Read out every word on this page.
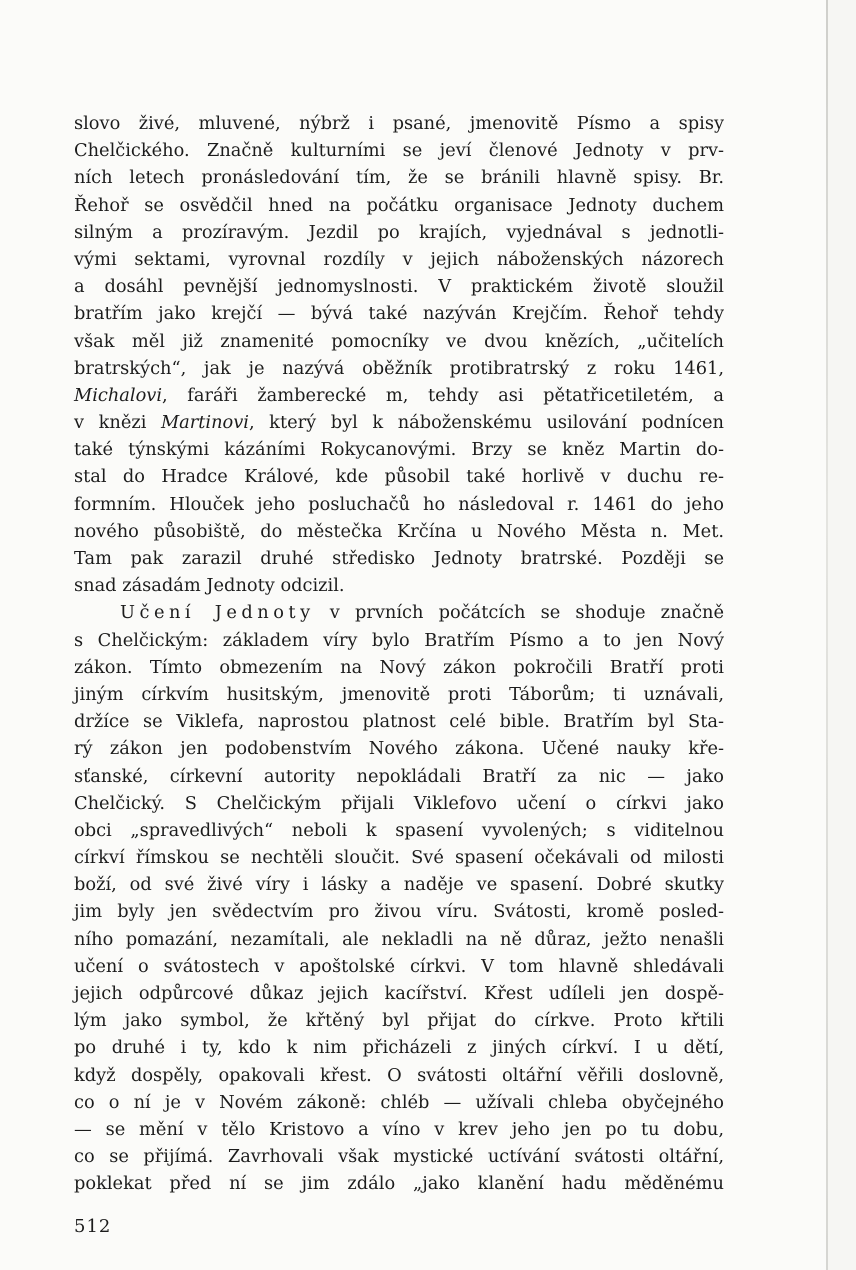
slovo živé, mluvené, nýbrž i psané, jmenovitě Písmo a spisy
Chelčického. Značně kulturními se jeví členové Jednoty v prv-
ních letech pronásledování tím, že se bránili hlavně spisy. Br.
Řehoř se osvědčil hned na počátku organisace Jednoty duchem
silným a prozíravým. Jezdil po krajích, vyjednával s jednotli-
vými sektami, vyrovnal rozdíly v jejich náboženských názorech
a dosáhl pevnější jednomyslnosti. V praktickém životě sloužil
bratřím jako krejčí — bývá také nazýván Krejčím. Řehoř tehdy
však měl již znamenité pomocníky ve dvou knězích, „učitelích
bratrských“, jak je nazývá oběžník protibratrský z roku 1461,
Michalovi, faráři žamberecké m, tehdy asi pětatřicetiletém, a
v knězi Martinovi, který byl k náboženskému usilování podnícen
také týnskými kázáními Rokycanovými. Brzy se kněz Martin do-
stal do Hradce Králové, kde působil také horlivě v duchu re-
formním. Hlouček jeho posluchačů ho následoval r. 1461 do jeho
nového působiště, do městečka Krčína u Nového Města n. Met.
Tam pak zarazil druhé středisko Jednoty bratrské. Později se
snad zásadám Jednoty odcizil.
Učení Jednoty v prvních počátcích se shoduje značně
s Chelčickým: základem víry bylo Bratřím Písmo a to jen Nový
zákon. Tímto obmezením na Nový zákon pokročili Bratří proti
jiným církvím husitským, jmenovitě proti Táborům; ti uznávali,
držíce se Viklefa, naprostou platnost celé bible. Bratřím byl Sta-
rý zákon jen podobenstvím Nového zákona. Učené nauky kře-
sťanské, církevní autority nepokládali Bratří za nic — jako
Chelčický. S Chelčickým přijali Viklefovo učení o církvi jako
obci „spravedlivých“ neboli k spasení vyvolených; s viditelnou
církví římskou se nechtěli sloučit. Své spasení očekávali od milosti
boží, od své živé víry i lásky a naděje ve spasení. Dobré skutky
jim byly jen svědectvím pro živou víru. Svátosti, kromě posled-
ního pomazání, nezamítali, ale nekladli na ně důraz, ježto nenašli
učení o svátostech v apoštolské církvi. V tom hlavně shledávali
jejich odpůrcové důkaz jejich kacířství. Křest udíleli jen dospě-
lým jako symbol, že křtěný byl přijat do církve. Proto křtili
po druhé i ty, kdo k nim přicházeli z jiných církví. I u dětí,
když dospěly, opakovali křest. O svátosti oltářní věřili doslovně,
co o ní je v Novém zákoně: chléb — užívali chleba obyčejného
— se mění v tělo Kristovo a víno v krev jeho jen po tu dobu,
co se přijímá. Zavrhovali však mystické uctívání svátosti oltářní,
poklekat před ní se jim zdálo „jako klanění hadu měděnému
512
